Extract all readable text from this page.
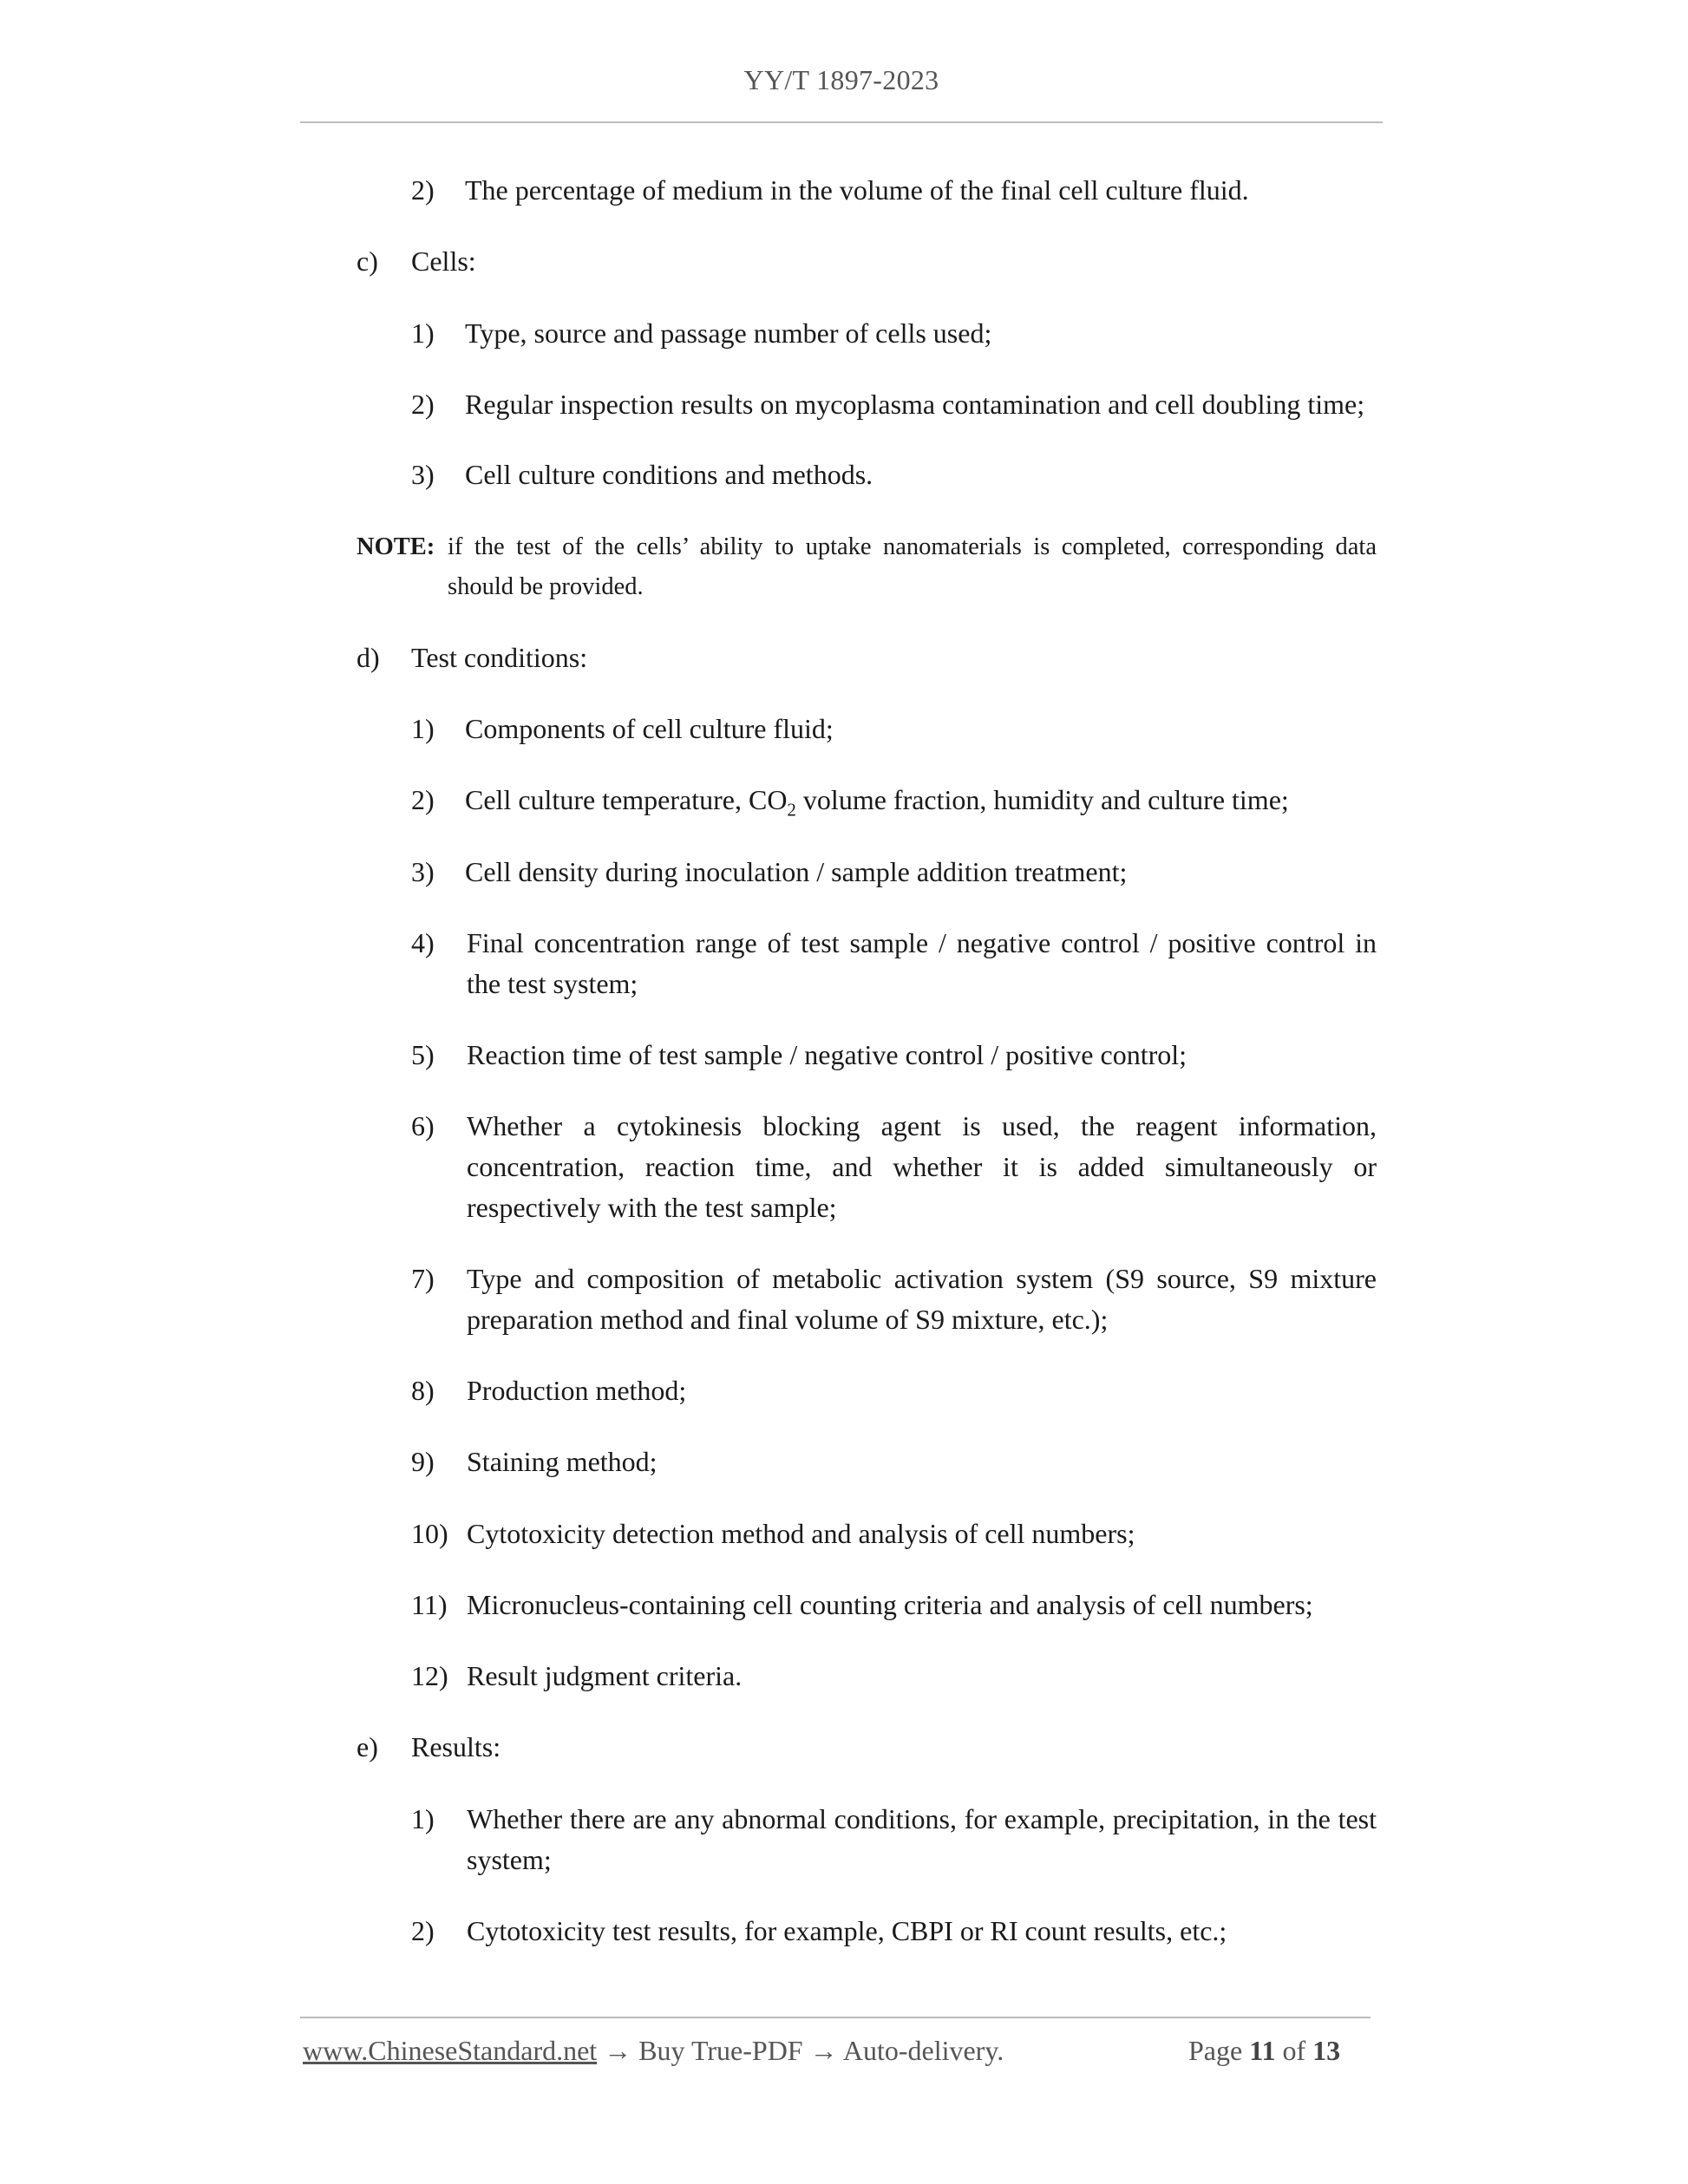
YY/T 1897-2023
2) The percentage of medium in the volume of the final cell culture fluid.
c) Cells:
1) Type, source and passage number of cells used;
2) Regular inspection results on mycoplasma contamination and cell doubling time;
3) Cell culture conditions and methods.
NOTE: if the test of the cells’ ability to uptake nanomaterials is completed, corresponding data
should be provided.
d) Test conditions:
1) Components of cell culture fluid;
2) Cell culture temperature, $CO_2$ volume fraction, humidity and culture time;
3) Cell density during inoculation / sample addition treatment;
4) Final concentration range of test sample / negative control / positive control in
the test system;
5) Reaction time of test sample / negative control / positive control;
6) Whether a cytokinesis blocking agent is used, the reagent information,
concentration, reaction time, and whether it is added simultaneously or
respectively with the test sample;
7) Type and composition of metabolic activation system (S9 source, S9 mixture
preparation method and final volume of S9 mixture, etc.);
8) Production method;
9) Staining method;
10) Cytotoxicity detection method and analysis of cell numbers;
11) Micronucleus-containing cell counting criteria and analysis of cell numbers;
12) Result judgment criteria.
e) Results:
1) Whether there are any abnormal conditions, for example, precipitation, in the test
system;
2) Cytotoxicity test results, for example, CBPI or RI count results, etc.;
www.ChineseStandard.net → Buy True-PDF → Auto-delivery.	Page 11 of 13
